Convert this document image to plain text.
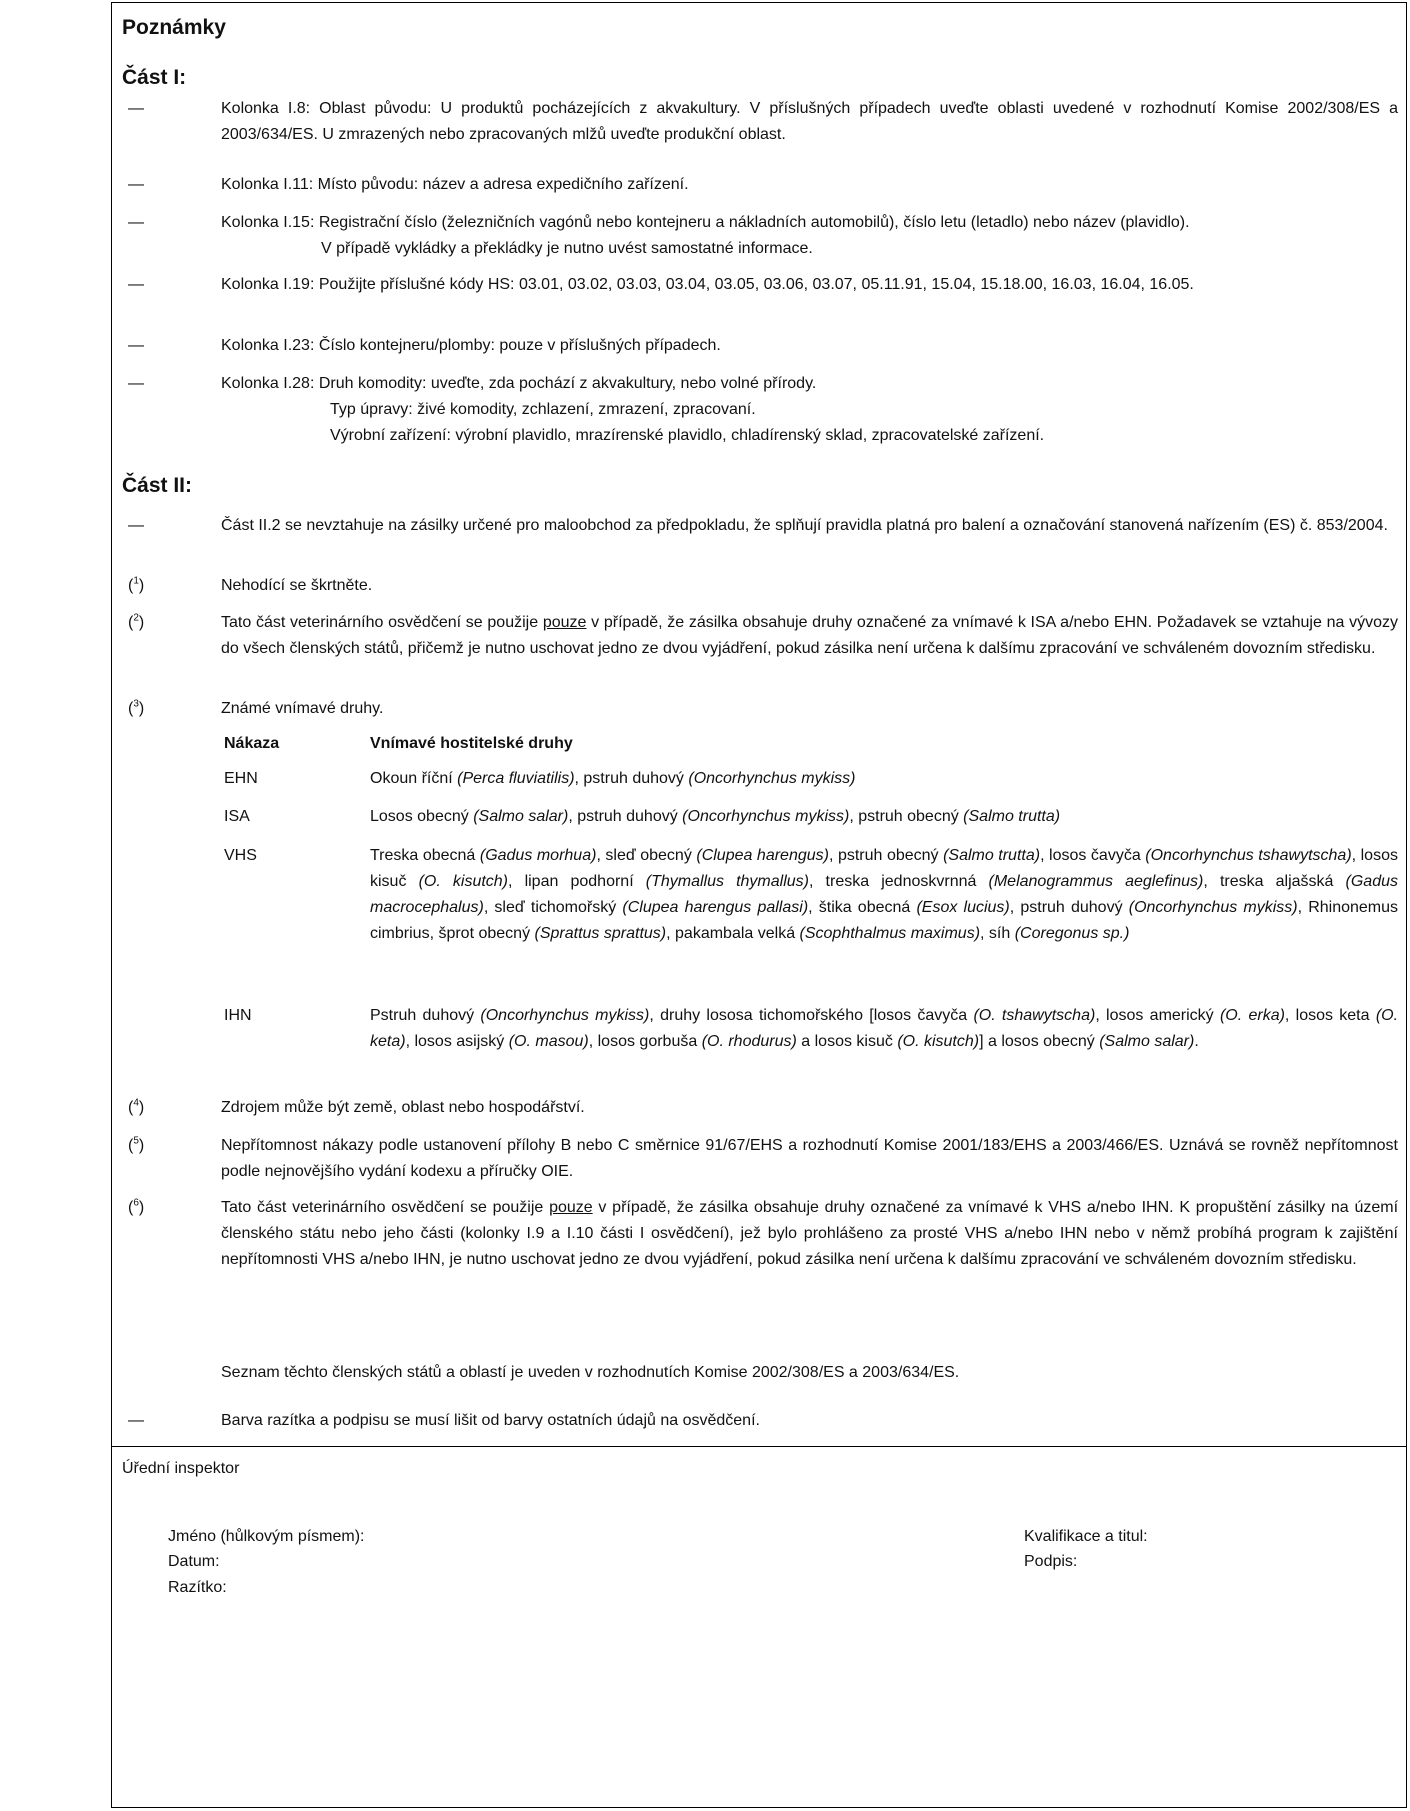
Poznámky
Část I:
—	Kolonka I.8: Oblast původu: U produktů pocházejících z akvakultury. V příslušných případech uveďte oblasti uvedené v rozhodnutí Komise 2002/308/ES a 2003/634/ES. U zmrazených nebo zpracovaných mlžů uveďte produkční oblast.
—	Kolonka I.11: Místo původu: název a adresa expedičního zařízení.
—	Kolonka I.15: Registrační číslo (železničních vagónů nebo kontejneru a nákladních automobilů), číslo letu (letadlo) nebo název (plavidlo).
V případě vykládky a překládky je nutno uvést samostatné informace.
—	Kolonka I.19: Použijte příslušné kódy HS: 03.01, 03.02, 03.03, 03.04, 03.05, 03.06, 03.07, 05.11.91, 15.04, 15.18.00, 16.03, 16.04, 16.05.
—	Kolonka I.23: Číslo kontejneru/plomby: pouze v příslušných případech.
—	Kolonka I.28: Druh komodity: uveďte, zda pochází z akvakultury, nebo volné přírody.
Typ úpravy: živé komodity, zchlazení, zmrazení, zpracovaní.
Výrobní zařízení: výrobní plavidlo, mrazírenské plavidlo, chladírenský sklad, zpracovatelské zařízení.
Část II:
—	Část II.2 se nevztahuje na zásilky určené pro maloobchod za předpokladu, že splňují pravidla platná pro balení a označování stanovená nařízením (ES) č. 853/2004.
($^1$)	Nehodící se škrtněte.
($^2$)	Tato část veterinárního osvědčení se použije pouze v případě, že zásilka obsahuje druhy označené za vnímavé k ISA a/nebo EHN. Požadavek se vztahuje na vývozy do všech členských států, přičemž je nutno uschovat jedno ze dvou vyjádření, pokud zásilka není určena k dalšímu zpracování ve schváleném dovozním středisku.
($^3$)	Známé vnímavé druhy.
Nákaza	Vnímavé hostitelské druhy
EHN	Okoun říční (Perca fluviatilis), pstruh duhový (Oncorhynchus mykiss)
ISA	Losos obecný (Salmo salar), pstruh duhový (Oncorhynchus mykiss), pstruh obecný (Salmo trutta)
VHS	Treska obecná (Gadus morhua), sleď obecný (Clupea harengus), pstruh obecný (Salmo trutta), losos čavyča (Oncorhynchus tshawytscha), losos kisuč (O. kisutch), lipan podhorní (Thymallus thymallus), treska jednoskvrnná (Melanogrammus aeglefinus), treska aljašská (Gadus macrocephalus), sleď tichomořský (Clupea harengus pallasi), štika obecná (Esox lucius), pstruh duhový (Oncorhynchus mykiss), Rhinonemus cimbrius, šprot obecný (Sprattus sprattus), pakambala velká (Scophthalmus maximus), síh (Coregonus sp.)
IHN	Pstruh duhový (Oncorhynchus mykiss), druhy lososa tichomořského [losos čavyča (O. tshawytscha), losos americký (O. erka), losos keta (O. keta), losos asijský (O. masou), losos gorbuša (O. rhodurus) a losos kisuč (O. kisutch)] a losos obecný (Salmo salar).
($^4$)	Zdrojem může být země, oblast nebo hospodářství.
($^5$)	Nepřítomnost nákazy podle ustanovení přílohy B nebo C směrnice 91/67/EHS a rozhodnutí Komise 2001/183/EHS a 2003/466/ES. Uznává se rovněž nepřítomnost podle nejnovějšího vydání kodexu a příručky OIE.
($^6$)	Tato část veterinárního osvědčení se použije pouze v případě, že zásilka obsahuje druhy označené za vnímavé k VHS a/nebo IHN. K propuštění zásilky na území členského státu nebo jeho části (kolonky I.9 a I.10 části I osvědčení), jež bylo prohlášeno za prosté VHS a/nebo IHN nebo v němž probíhá program k zajištění nepřítomnosti VHS a/nebo IHN, je nutno uschovat jedno ze dvou vyjádření, pokud zásilka není určena k dalšímu zpracování ve schváleném dovozním středisku.
Seznam těchto členských států a oblastí je uveden v rozhodnutích Komise 2002/308/ES a 2003/634/ES.
—	Barva razítka a podpisu se musí lišit od barvy ostatních údajů na osvědčení.
Úřední inspektor
Jméno (hůlkovým písmem):
Datum:
Razítko:
Kvalifikace a titul:
Podpis:
